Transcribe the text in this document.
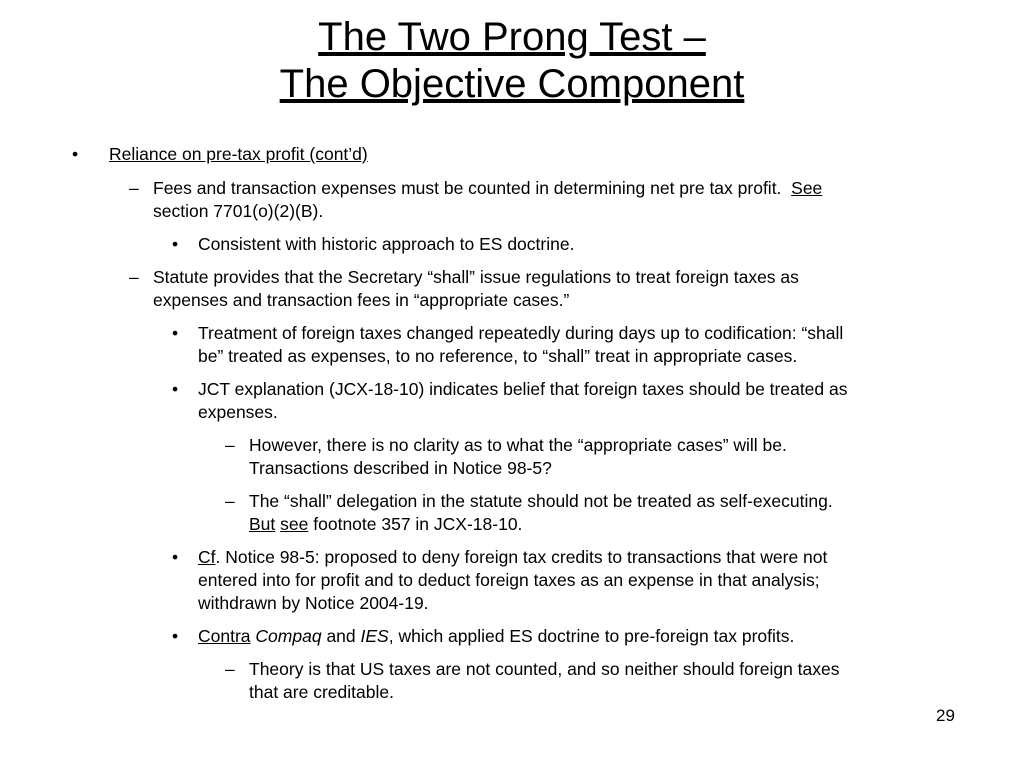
The Two Prong Test –
The Objective Component
• Reliance on pre-tax profit (cont’d)
– Fees and transaction expenses must be counted in determining net pre tax profit. See
section 7701(o)(2)(B).
• Consistent with historic approach to ES doctrine.
– Statute provides that the Secretary “shall” issue regulations to treat foreign taxes as
expenses and transaction fees in “appropriate cases.”
• Treatment of foreign taxes changed repeatedly during days up to codification: “shall
be” treated as expenses, to no reference, to “shall” treat in appropriate cases.
• JCT explanation (JCX-18-10) indicates belief that foreign taxes should be treated as
expenses.
– However, there is no clarity as to what the “appropriate cases” will be.
Transactions described in Notice 98-5?
– The “shall” delegation in the statute should not be treated as self-executing.
But see footnote 357 in JCX-18-10.
• Cf. Notice 98-5: proposed to deny foreign tax credits to transactions that were not
entered into for profit and to deduct foreign taxes as an expense in that analysis;
withdrawn by Notice 2004-19.
• Contra Compaq and IES, which applied ES doctrine to pre-foreign tax profits.
– Theory is that US taxes are not counted, and so neither should foreign taxes
that are creditable.
29
